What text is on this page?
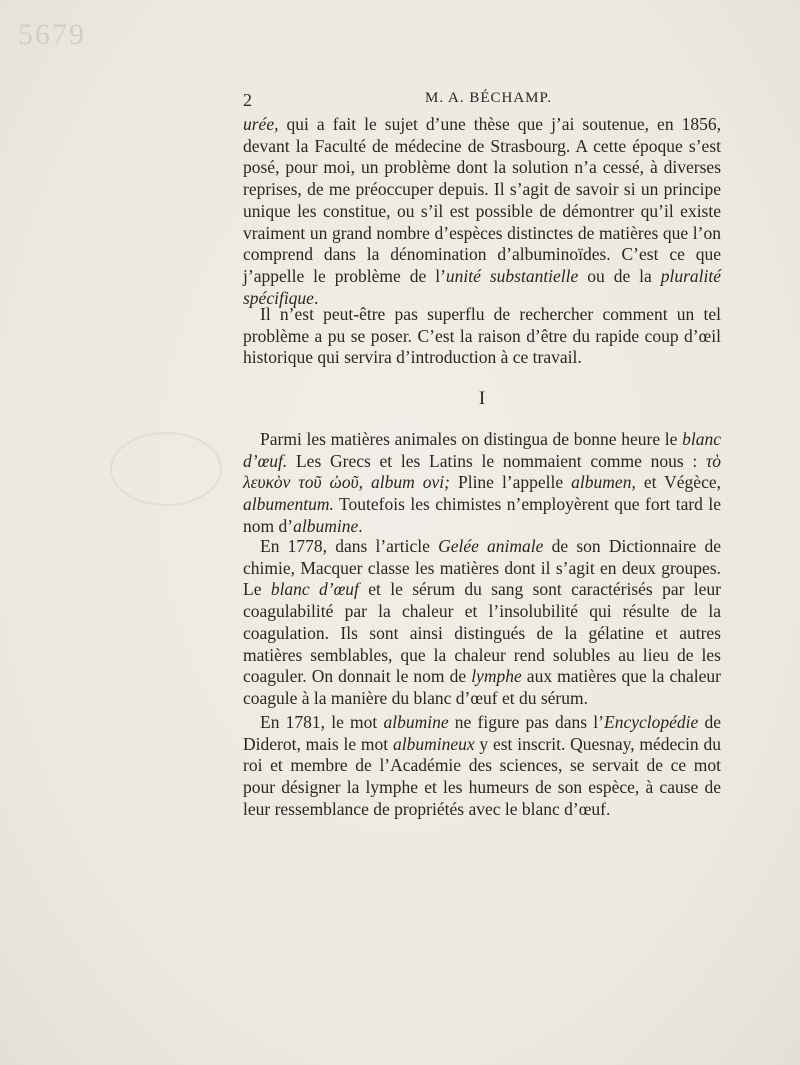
5679
2	M. A. BÉCHAMP.
urée, qui a fait le sujet d’une thèse que j’ai soutenue, en 1856, devant la Faculté de médecine de Strasbourg. A cette époque s’est posé, pour moi, un problème dont la solution n’a cessé, à diverses reprises, de me préoccuper depuis. Il s’agit de savoir si un principe unique les constitue, ou s’il est possible de démontrer qu’il existe vraiment un grand nombre d’espèces distinctes de matières que l’on comprend dans la dénomination d’albuminoïdes. C’est ce que j’appelle le problème de l’unité substantielle ou de la pluralité spécifique.
Il n’est peut-être pas superflu de rechercher comment un tel problème a pu se poser. C’est la raison d’être du rapide coup d’œil historique qui servira d’introduction à ce travail.
I
Parmi les matières animales on distingua de bonne heure le blanc d’œuf. Les Grecs et les Latins le nommaient comme nous : τὸ λευκὸν τοῦ ὠοῦ, album ovi; Pline l’appelle albumen, et Végèce, albumentum. Toutefois les chimistes n’employèrent que fort tard le nom d’albumine.
En 1778, dans l’article Gelée animale de son Dictionnaire de chimie, Macquer classe les matières dont il s’agit en deux groupes. Le blanc d’œuf et le sérum du sang sont caractérisés par leur coagulabilité par la chaleur et l’insolubilité qui résulte de la coagulation. Ils sont ainsi distingués de la gélatine et autres matières semblables, que la chaleur rend solubles au lieu de les coaguler. On donnait le nom de lymphe aux matières que la chaleur coagule à la manière du blanc d’œuf et du sérum.
En 1781, le mot albumine ne figure pas dans l’Encyclopédie de Diderot, mais le mot albumineux y est inscrit. Quesnay, médecin du roi et membre de l’Académie des sciences, se servait de ce mot pour désigner la lymphe et les humeurs de son espèce, à cause de leur ressemblance de propriétés avec le blanc d’œuf.
